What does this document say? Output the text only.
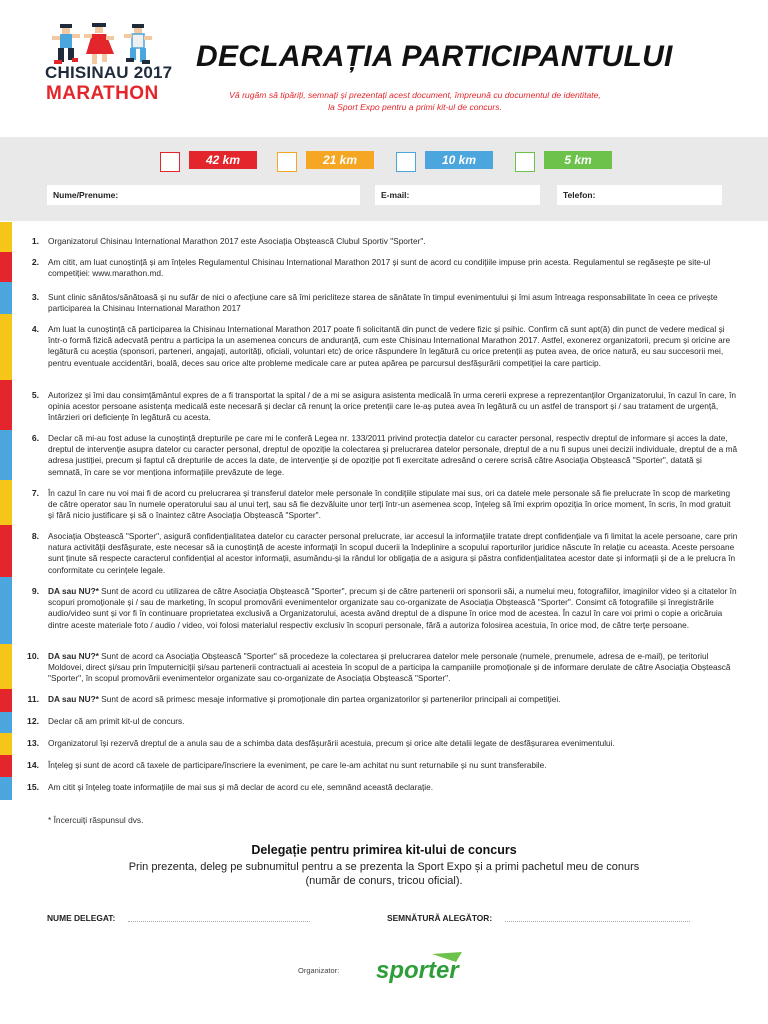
CHISINAU 2017
MARATHON
DECLARAȚIA PARTICIPANTULUI
Vă rugăm să tipăriți, semnați și prezentați acest document, împreună cu documentul de identitate,
la Sport Expo pentru a primi kit-ul de concurs.
42 km	21 km	10 km	5 km
Nume/Prenume:	E-mail:	Telefon:
1. Organizatorul Chisinau International Marathon 2017 este Asociația Obștească Clubul Sportiv "Sporter".
2. Am citit, am luat cunoștință și am înțeles Regulamentul Chisinau International Marathon 2017 și sunt de acord cu condițiile impuse prin acesta. Regulamentul se regăsește pe site-ul competiției: www.marathon.md.
3. Sunt clinic sănătos/sănătoasă și nu sufăr de nici o afecțiune care să îmi pericliteze starea de sănătate în timpul evenimentului și îmi asum întreaga responsabilitate în ceea ce privește participarea la Chisinau International Marathon 2017
4. Am luat la cunoștință că participarea la Chisinau International Marathon 2017 poate fi solicitantă din punct de vedere fizic și psihic. Confirm că sunt apt(ă) din punct de vedere medical și într-o formă fizică adecvată pentru a participa la un asemenea concurs de anduranță, cum este Chisinau International Marathon 2017. Astfel, exonerez organizatorii, precum și oricine are legătură cu aceștia (sponsori, parteneri, angajați, autorități, oficiali, voluntari etc) de orice răspundere în legătură cu orice pretenții aș putea avea, de orice natură, eu sau succesorii mei, pentru eventuale accidentări, boală, deces sau orice alte probleme medicale care ar putea apărea pe parcursul desfășurării competiției la care particip.
5. Autorizez și îmi dau consimțământul expres de a fi transportat la spital / de a mi se asigura asistenta medicală în urma cererii exprese a reprezentanților Organizatorului, în cazul în care, în opinia acestor persoane asistența medicală este necesară și declar că renunț la orice pretenții care le-aș putea avea în legătură cu un astfel de transport și / sau tratament de urgență, întârzieri ori deficiențe în legătură cu acesta.
6. Declar că mi-au fost aduse la cunoștință drepturile pe care mi le conferă Legea nr. 133/2011 privind protecția datelor cu caracter personal, respectiv dreptul de informare și acces la date, dreptul de intervenție asupra datelor cu caracter personal, dreptul de opoziție la colectarea și prelucrarea datelor personale, dreptul de a nu fi supus unei decizii individuale, dreptul de a mă adresa justiției, precum și faptul că drepturile de acces la date, de intervenție și de opoziție pot fi exercitate adresând o cerere scrisă către Asociația Obștească "Sporter", datată și semnată, în care se vor menționa informațiile prevăzute de lege.
7. În cazul în care nu voi mai fi de acord cu prelucrarea și transferul datelor mele personale în condițiile stipulate mai sus, ori ca datele mele personale să fie prelucrate în scop de marketing de către operator sau în numele operatorului sau al unui terț, sau să fie dezvăluite unor terți într-un asemenea scop, înțeleg să îmi exprim opoziția în orice moment, în scris, în mod gratuit și fără nicio justificare și să o înaintez către Asociația Obștească "Sporter".
8. Asociația Obștească "Sporter", asigură confidențialitatea datelor cu caracter personal prelucrate, iar accesul la informațiile tratate drept confidențiale va fi limitat la acele persoane, care prin natura activității desfășurate, este necesar să ia cunoștință de aceste informații în scopul ducerii la îndeplinire a scopului raporturilor juridice născute în relație cu aceasta. Aceste persoane sunt ținute să respecte caracterul confidențial al acestor informații, asumându-și la rândul lor obligația de a asigura și păstra confidențialitatea acestor date și informații și de a le prelucra în conformitate cu cerințele legale.
9. DA sau NU?* Sunt de acord cu utilizarea de către Asociația Obștească "Sporter", precum și de către partenerii ori sponsorii săi, a numelui meu, fotografiilor, imaginilor video și a citatelor în scopuri promoționale și / sau de marketing, în scopul promovării evenimentelor organizate sau co-organizate de Asociația Obștească "Sporter". Consimt că fotografiile și înregistrările audio/video sunt și vor fi în continuare proprietatea exclusivă a Organizatorului, acesta având dreptul de a dispune în orice mod de acestea. În cazul în care voi primi o copie a oricăruia dintre aceste materiale foto / audio / video, voi folosi materialul respectiv exclusiv în scopuri personale, fără a autoriza folosirea acestuia, în orice mod, de către terțe persoane.
10. DA sau NU?* Sunt de acord ca Asociația Obștească "Sporter" să procedeze la colectarea și prelucrarea datelor mele personale (numele, prenumele, adresa de e-mail), pe teritoriul Moldovei, direct și/sau prin împuterniciții și/sau partenerii contractuali ai acesteia în scopul de a participa la campaniile promoționale și de informare derulate de către Asociația Obștească "Sporter", în scopul promovării evenimentelor organizate sau co-organizate de Asociația Obștească "Sporter".
11. DA sau NU?* Sunt de acord să primesc mesaje informative și promoționale din partea organizatorilor și partenerilor principali ai competiției.
12. Declar că am primit kit-ul de concurs.
13. Organizatorul își rezervă dreptul de a anula sau de a schimba data desfășurării acestuia, precum și orice alte detalii legate de desfășurarea evenimentului.
14. Înțeleg și sunt de acord că taxele de participare/înscriere la eveniment, pe care le-am achitat nu sunt returnabile și nu sunt transferabile.
15. Am citit și înțeleg toate informațiile de mai sus și mă declar de acord cu ele, semnând această declarație.
* Încercuiți răspunsul dvs.
Delegație pentru primirea kit-ului de concurs
Prin prezenta, deleg pe subnumitul pentru a se prezenta la Sport Expo și a primi pachetul meu de conurs
(număr de conurs, tricou oficial).
NUME DELEGAT:	SEMNĂTURĂ ALEGĂTOR:
Organizator: sporter
